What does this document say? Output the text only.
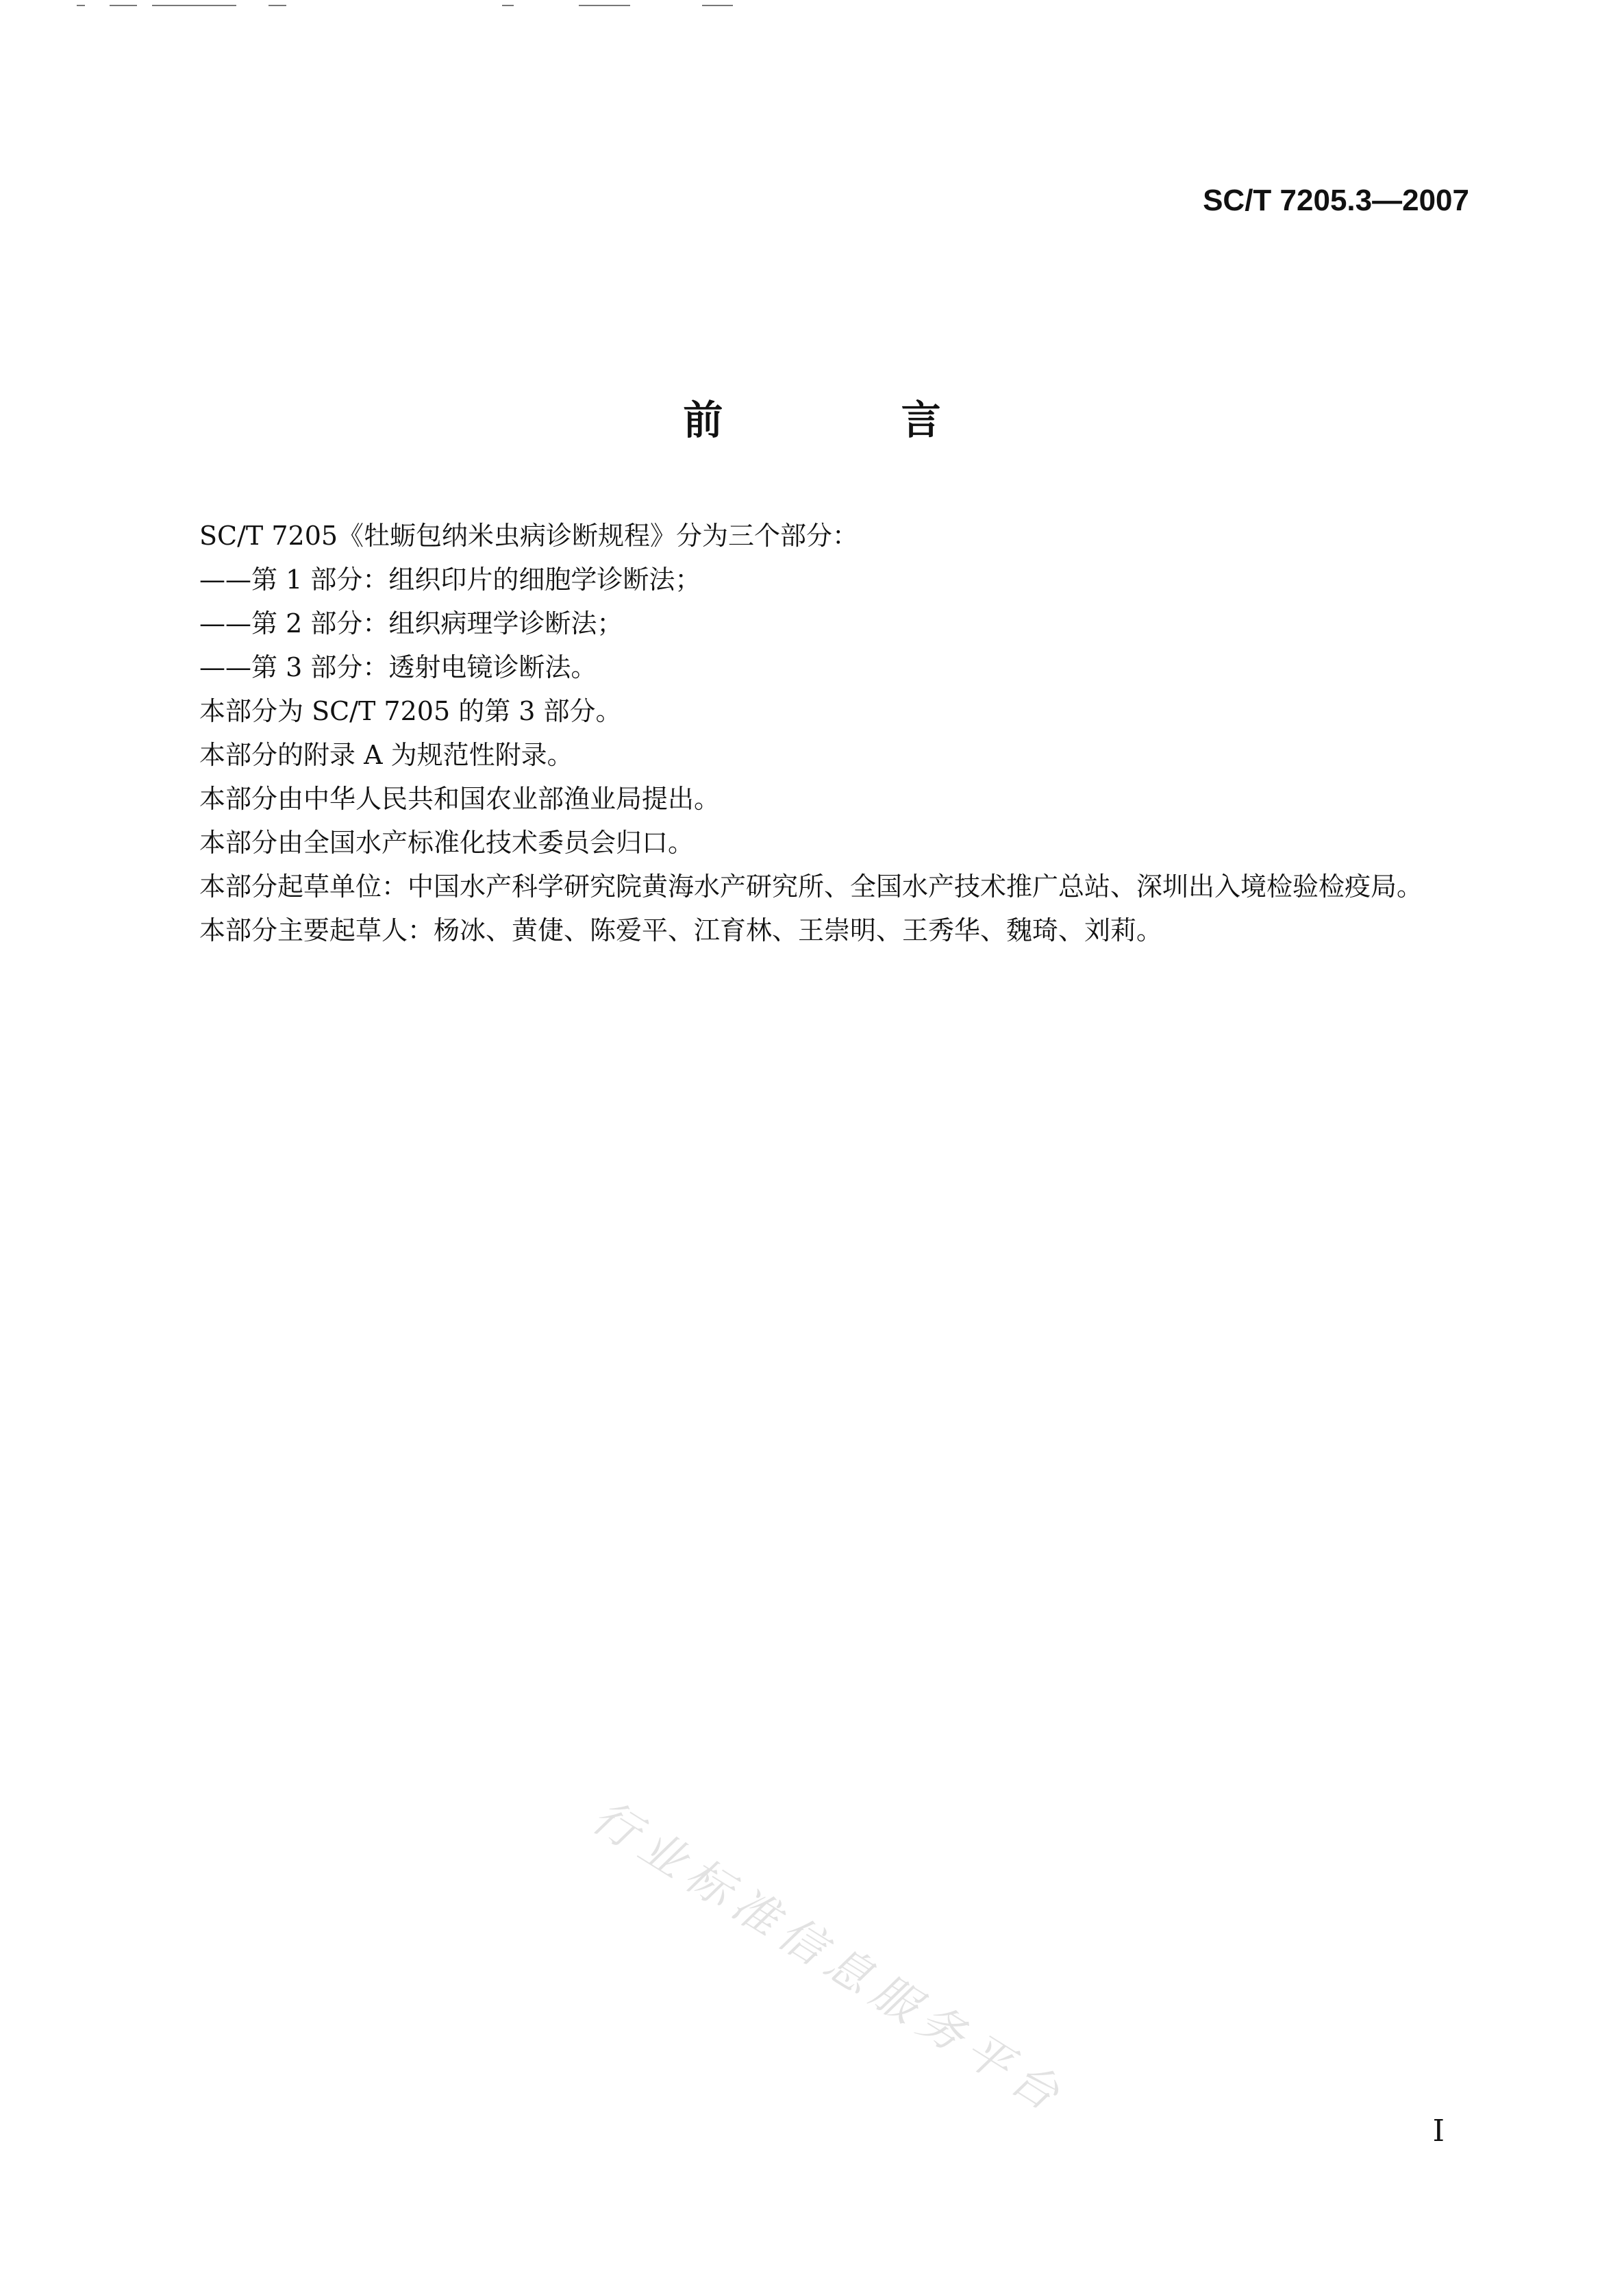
SC/T 7205.3—2007
前 言

SC/T 7205《牡蛎包纳米虫病诊断规程》分为三个部分：

——第 1 部分：组织印片的细胞学诊断法；

——第 2 部分：组织病理学诊断法；

——第 3 部分：透射电镜诊断法。

本部分为 SC/T 7205 的第 3 部分。

本部分的附录 A 为规范性附录。

本部分由中华人民共和国农业部渔业局提出。

本部分由全国水产标准化技术委员会归口。

本部分起草单位：中国水产科学研究院黄海水产研究所、全国水产技术推广总站、深圳出入境检验检疫局。

本部分主要起草人：杨冰、黄倢、陈爱平、江育林、王崇明、王秀华、魏琦、刘莉。

行业标准信息服务平台
I
